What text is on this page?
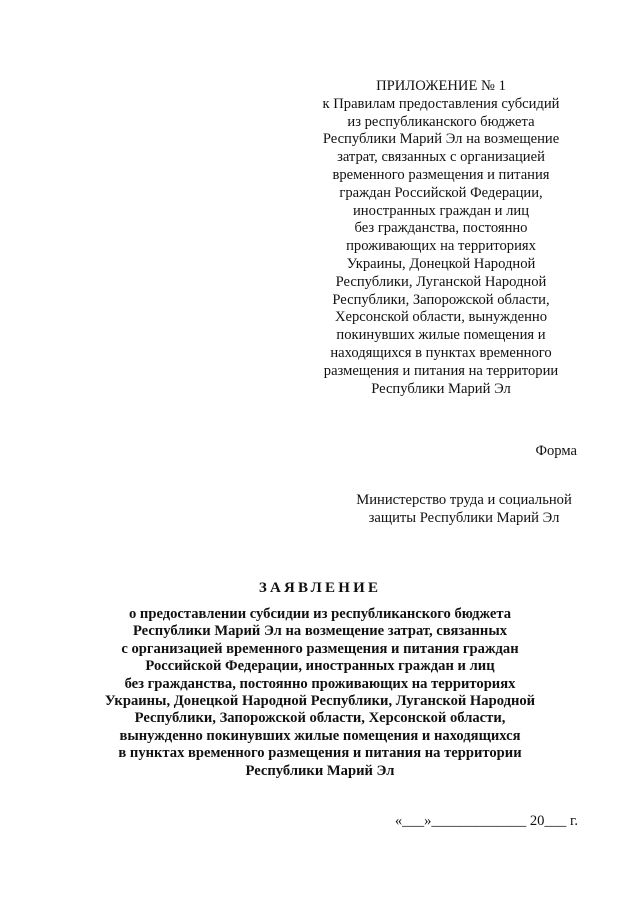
ПРИЛОЖЕНИЕ № 1
к Правилам предоставления субсидий
из республиканского бюджета
Республики Марий Эл на возмещение
затрат, связанных с организацией
временного размещения и питания
граждан Российской Федерации,
иностранных граждан и лиц
без гражданства, постоянно
проживающих на территориях
Украины, Донецкой Народной
Республики, Луганской Народной
Республики, Запорожской области,
Херсонской области, вынужденно
покинувших жилые помещения и
находящихся в пунктах временного
размещения и питания на территории
Республики Марий Эл
Форма
Министерство труда и социальной
защиты Республики Марий Эл
ЗАЯВЛЕНИЕ
о предоставлении субсидии из республиканского бюджета
Республики Марий Эл на возмещение затрат, связанных
с организацией временного размещения и питания граждан
Российской Федерации, иностранных граждан и лиц
без гражданства, постоянно проживающих на территориях
Украины, Донецкой Народной Республики, Луганской Народной
Республики, Запорожской области, Херсонской области,
вынужденно покинувших жилые помещения и находящихся
в пунктах временного размещения и питания на территории
Республики Марий Эл
«___»_____________ 20___ г.
